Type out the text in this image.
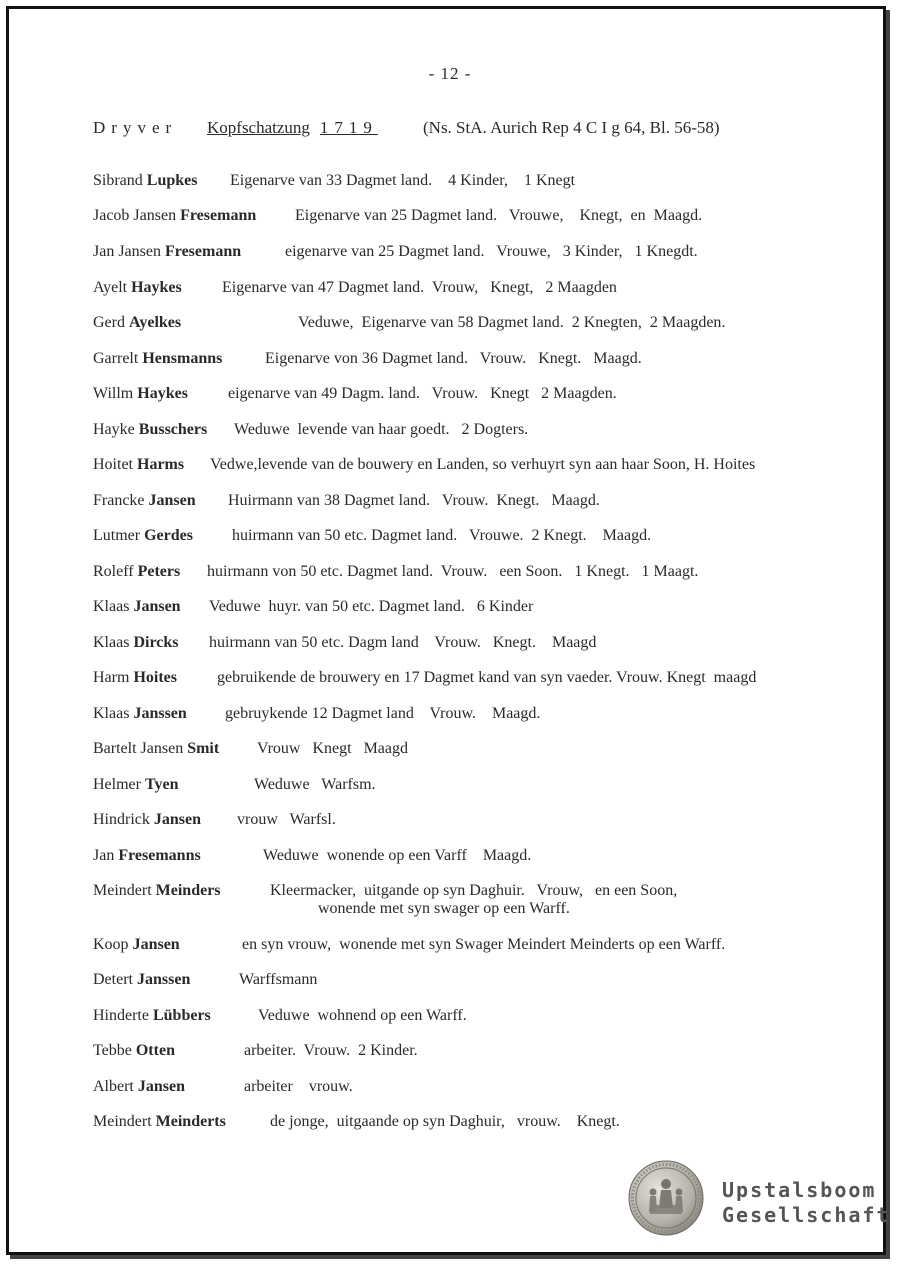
- 12 -
Dryver Kopfschatzung 1719	(Ns. StA. Aurich Rep 4 C I g 64, Bl. 56-58)
Sibrand Lupkes Eigenarve van 33 Dagmet land.    4 Kinder,    1 Knegt
Jacob Jansen Fresemann Eigenarve van 25 Dagmet land.   Vrouwe,    Knegt,  en  Maagd.
Jan Jansen Fresemann	eigenarve van 25 Dagmet land.   Vrouwe,   3 Kinder,   1 Knegdt.
Ayelt Haykes	Eigenarve van 47 Dagmet land.  Vrouw,   Knegt,   2 Maagden
Gerd Ayelkes	Veduwe,  Eigenarve van 58 Dagmet land.  2 Knegten,  2 Maagden.
Garrelt Hensmanns	Eigenarve von 36 Dagmet land.   Vrouw.   Knegt.   Maagd.
Willm Haykes	eigenarve van 49 Dagm. land.   Vrouw.   Knegt   2 Maagden.
Hayke Busschers Weduwe  levende van haar goedt.   2 Dogters.
Hoitet Harms Vedwe,levende van de bouwery en Landen, so verhuyrt syn aan haar Soon, H. Hoites
Francke Jansen Huirmann van 38 Dagmet land.   Vrouw.  Knegt.   Maagd.
Lutmer Gerdes huirmann van 50 etc. Dagmet land.   Vrouwe.  2 Knegt.    Maagd.
Roleff Peters huirmann von 50 etc. Dagmet land.  Vrouw.   een Soon.   1 Knegt.   1 Maagt.
Klaas Jansen Veduwe  huyr. van 50 etc. Dagmet land.   6 Kinder
Klaas Dircks huirmann van 50 etc. Dagm land    Vrouw.   Knegt.    Maagd
Harm Hoites	gebruikende de brouwery en 17 Dagmet kand van syn vaeder. Vrouw. Knegt  maagd
Klaas Janssen gebruykende 12 Dagmet land    Vrouw.    Maagd.
Bartelt Jansen Smit Vrouw   Knegt   Maagd
Helmer Tyen	Weduwe   Warfsm.
Hindrick Jansen vrouw   Warfsl.
Jan Fresemanns	Weduwe  wonende op een Varff    Maagd.
Meindert Meinders	Kleermacker,  uitgande op syn Daghuir.   Vrouw,   en een Soon,
wonende met syn swager op een Warff.
Koop Jansen	en syn vrouw,  wonende met syn Swager Meindert Meinderts op een Warff.
Detert Janssen	Warffsmann
Hinderte Lübbers	Veduwe  wohnend op een Warff.
Tebbe Otten	arbeiter.  Vrouw.  2 Kinder.
Albert Jansen	arbeiter    vrouw.
Meindert Meinderts	de jonge,  uitgaande op syn Daghuir,   vrouw.    Knegt.
Upstalsboom
Gesellschaft
